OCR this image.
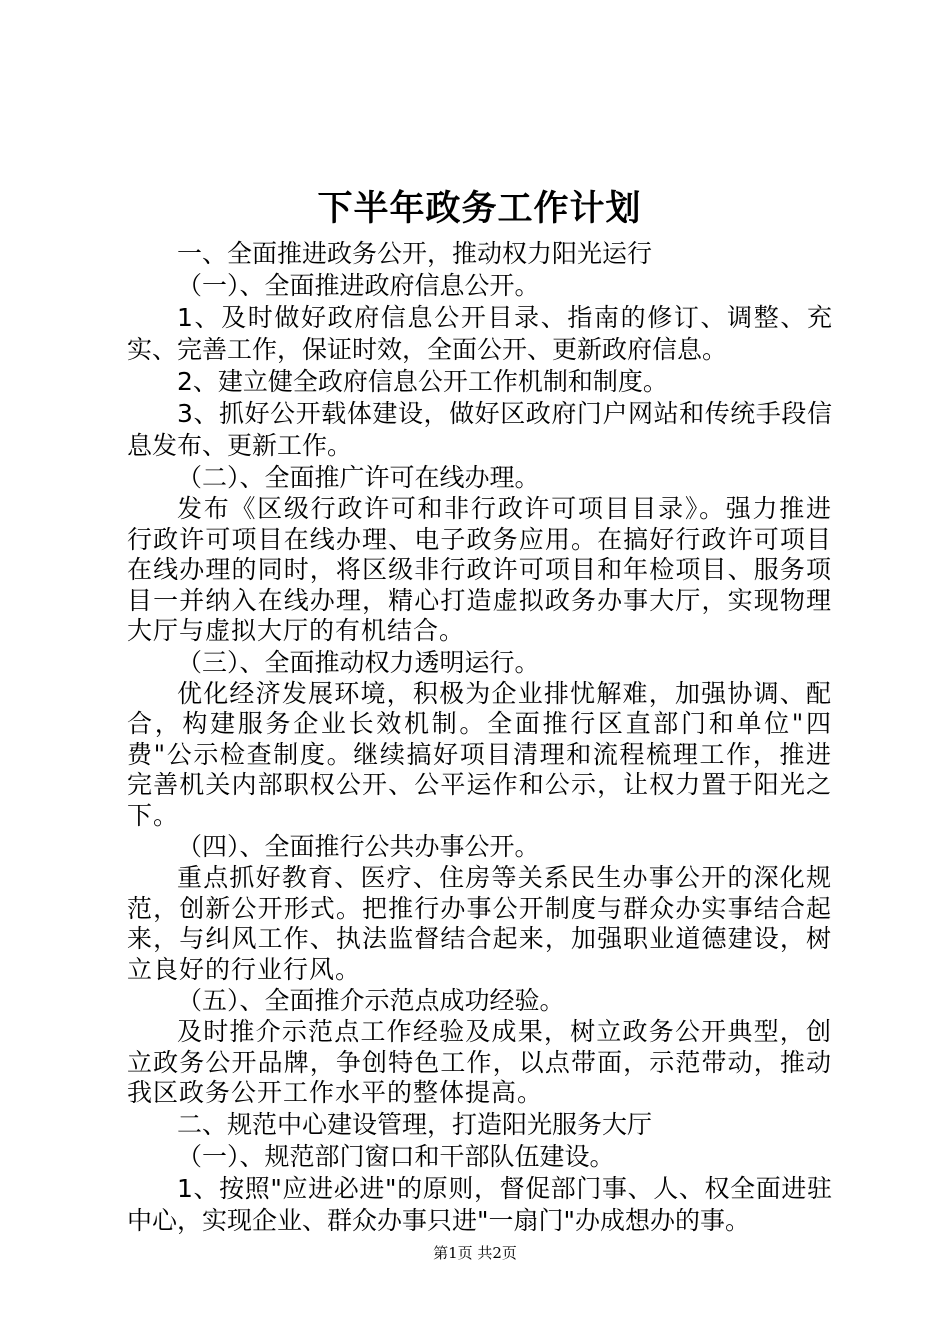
下半年政务工作计划

一、全面推进政务公开，推动权力阳光运行

（一）、全面推进政府信息公开。

1、及时做好政府信息公开目录、指南的修订、调整、充实、完善工作，保证时效，全面公开、更新政府信息。

2、建立健全政府信息公开工作机制和制度。

3、抓好公开载体建设，做好区政府门户网站和传统手段信息发布、更新工作。

（二）、全面推广许可在线办理。

发布《区级行政许可和非行政许可项目目录》。强力推进行政许可项目在线办理、电子政务应用。在搞好行政许可项目在线办理的同时，将区级非行政许可项目和年检项目、服务项目一并纳入在线办理，精心打造虚拟政务办事大厅，实现物理大厅与虚拟大厅的有机结合。

（三）、全面推动权力透明运行。

优化经济发展环境，积极为企业排忧解难，加强协调、配合，构建服务企业长效机制。全面推行区直部门和单位"四费"公示检查制度。继续搞好项目清理和流程梳理工作，推进完善机关内部职权公开、公平运作和公示，让权力置于阳光之下。

（四）、全面推行公共办事公开。

重点抓好教育、医疗、住房等关系民生办事公开的深化规范，创新公开形式。把推行办事公开制度与群众办实事结合起来，与纠风工作、执法监督结合起来，加强职业道德建设，树立良好的行业行风。

（五）、全面推介示范点成功经验。

及时推介示范点工作经验及成果，树立政务公开典型，创立政务公开品牌，争创特色工作，以点带面，示范带动，推动我区政务公开工作水平的整体提高。

二、规范中心建设管理，打造阳光服务大厅

（一）、规范部门窗口和干部队伍建设。

1、按照"应进必进"的原则，督促部门事、人、权全面进驻中心，实现企业、群众办事只进"一扇门"办成想办的事。

第1页 共2页
